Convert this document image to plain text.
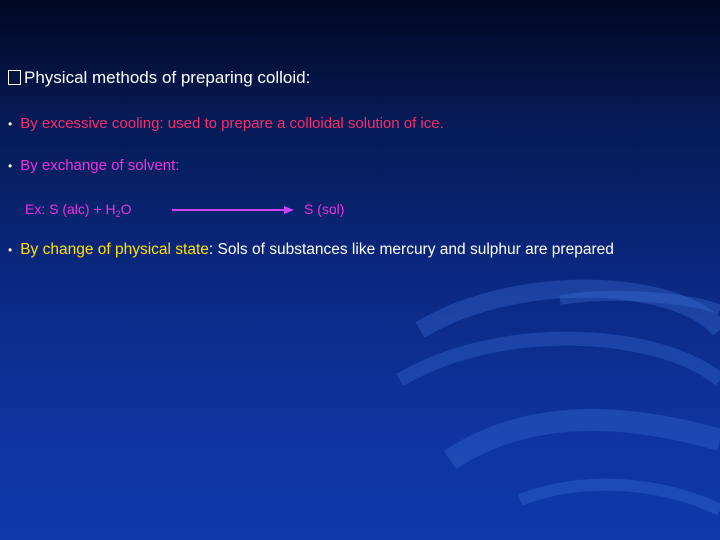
Physical methods of preparing colloid:
• By excessive cooling: used to prepare a colloidal solution of ice.
• By exchange of solvent:
Ex: S $(alc) + H_2O$	S (sol)
• By change of physical state: Sols of substances like mercury and sulphur are prepared
